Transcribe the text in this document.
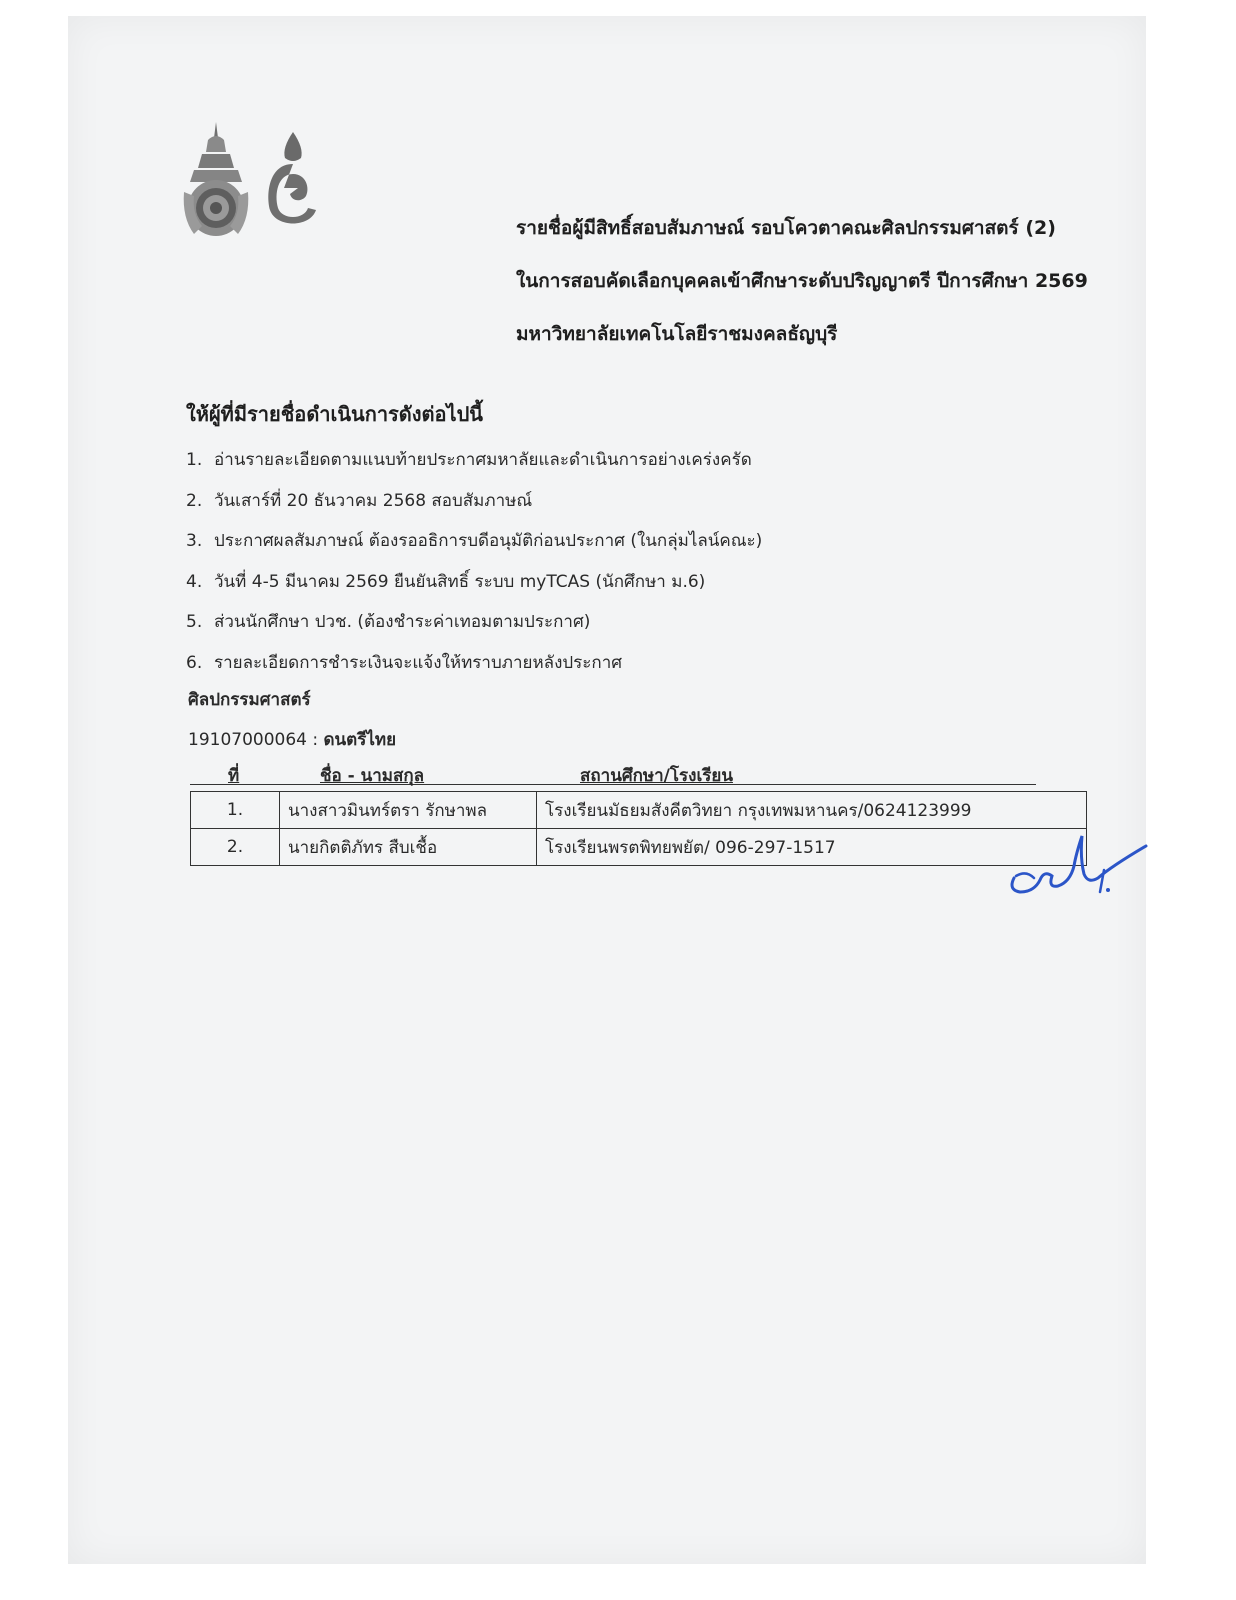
รายชื่อผู้มีสิทธิ์สอบสัมภาษณ์ รอบโควตาคณะศิลปกรรมศาสตร์ (2)
ในการสอบคัดเลือกบุคคลเข้าศึกษาระดับปริญญาตรี ปีการศึกษา 2569
มหาวิทยาลัยเทคโนโลยีราชมงคลธัญบุรี
ให้ผู้ที่มีรายชื่อดำเนินการดังต่อไปนี้
1. อ่านรายละเอียดตามแนบท้ายประกาศมหาลัยและดำเนินการอย่างเคร่งครัด
2. วันเสาร์ที่ 20 ธันวาคม 2568 สอบสัมภาษณ์
3. ประกาศผลสัมภาษณ์ ต้องรออธิการบดีอนุมัติก่อนประกาศ (ในกลุ่มไลน์คณะ)
4. วันที่ 4-5 มีนาคม 2569 ยืนยันสิทธิ์ ระบบ myTCAS (นักศึกษา ม.6)
5. ส่วนนักศึกษา ปวช. (ต้องชำระค่าเทอมตามประกาศ)
6. รายละเอียดการชำระเงินจะแจ้งให้ทราบภายหลังประกาศ
ศิลปกรรมศาสตร์
19107000064 : ดนตรีไทย
ที่	ชื่อ - นามสกุล	สถานศึกษา/โรงเรียน
1.	นางสาวมินทร์ตรา รักษาพล	โรงเรียนมัธยมสังคีตวิทยา กรุงเทพมหานคร/0624123999
2.	นายกิตติภัทร สืบเชื้อ	โรงเรียนพรตพิทยพยัต/ 096-297-1517
